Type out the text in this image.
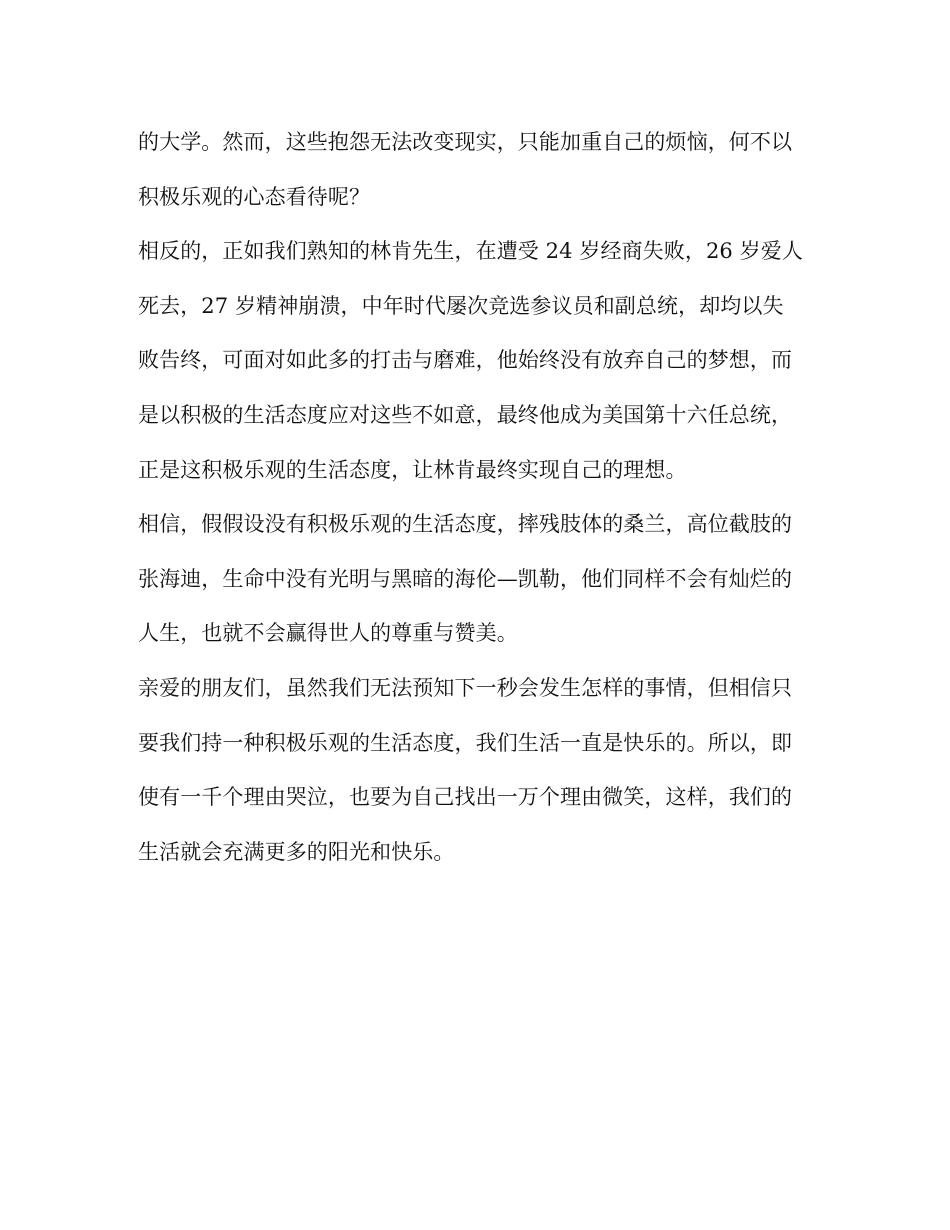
的大学。然而，这些抱怨无法改变现实，只能加重自己的烦恼，何不以
积极乐观的心态看待呢？
相反的，正如我们熟知的林肯先生，在遭受 24 岁经商失败，26 岁爱人
死去，27 岁精神崩溃，中年时代屡次竞选参议员和副总统，却均以失
败告终，可面对如此多的打击与磨难，他始终没有放弃自己的梦想，而
是以积极的生活态度应对这些不如意，最终他成为美国第十六任总统，
正是这积极乐观的生活态度，让林肯最终实现自己的理想。
相信，假假设没有积极乐观的生活态度，摔残肢体的桑兰，高位截肢的
张海迪，生命中没有光明与黑暗的海伦—凯勒，他们同样不会有灿烂的
人生，也就不会赢得世人的尊重与赞美。
亲爱的朋友们，虽然我们无法预知下一秒会发生怎样的事情，但相信只
要我们持一种积极乐观的生活态度，我们生活一直是快乐的。所以，即
使有一千个理由哭泣，也要为自己找出一万个理由微笑，这样，我们的
生活就会充满更多的阳光和快乐。
